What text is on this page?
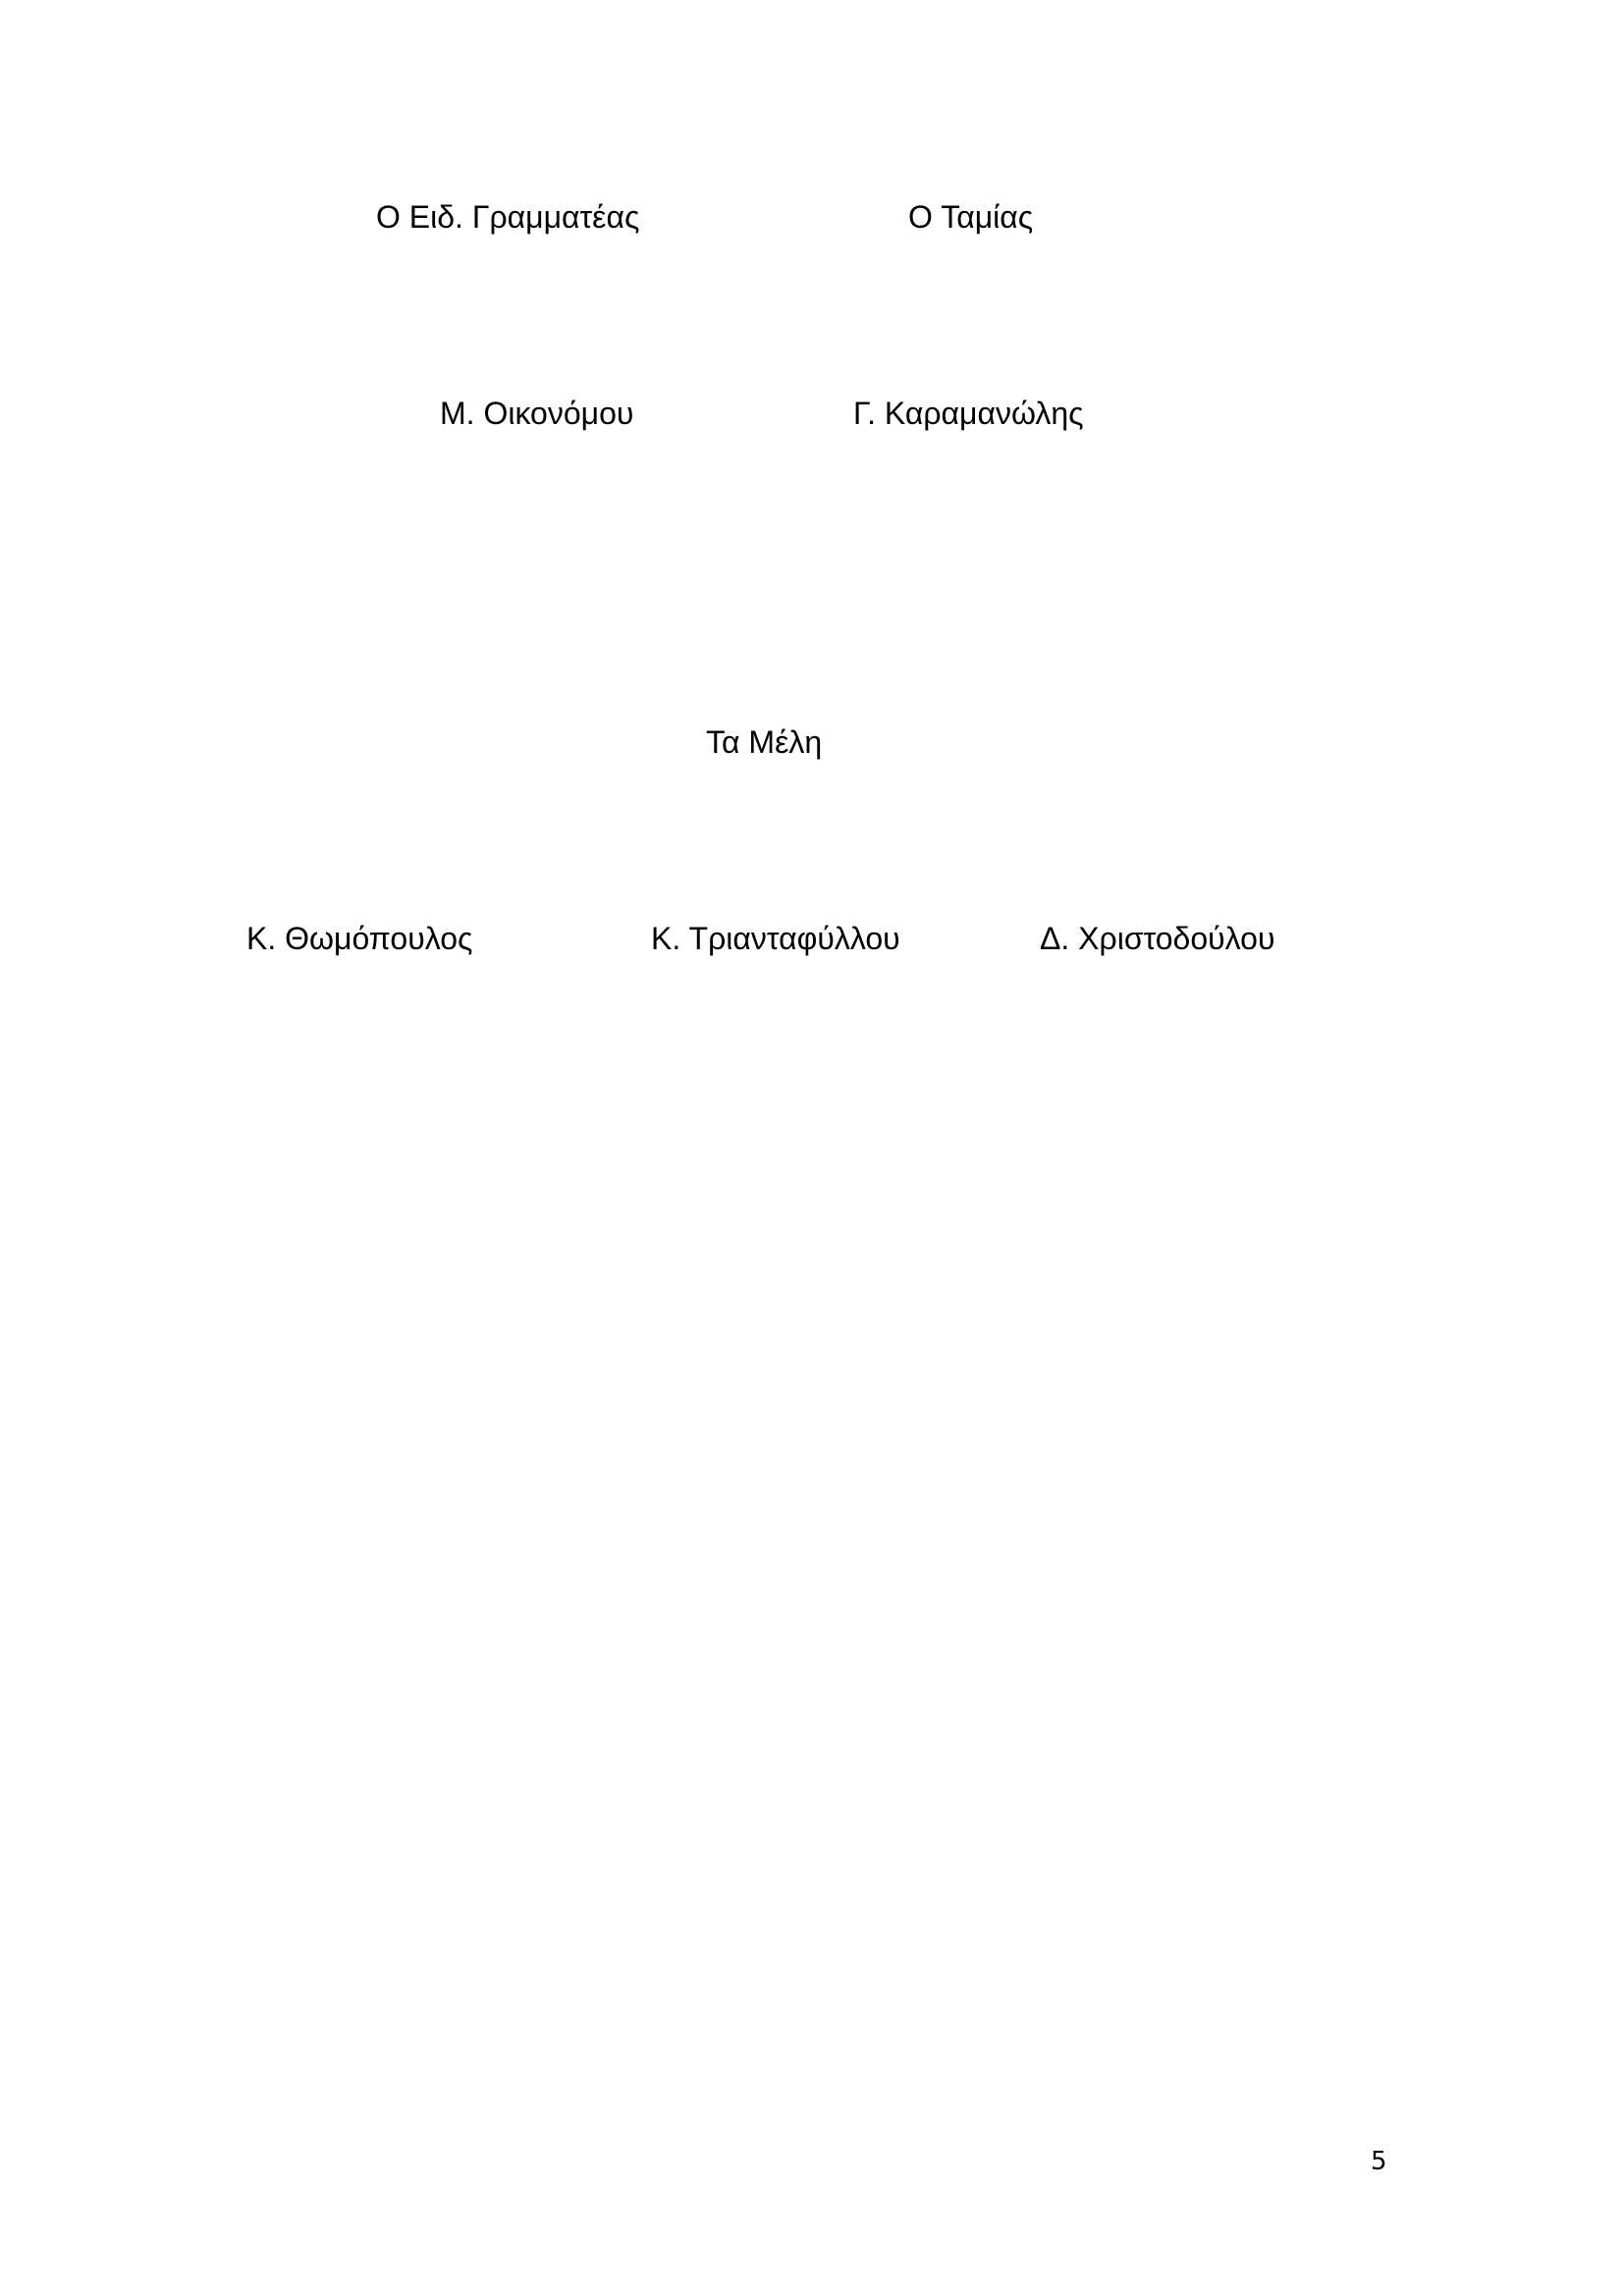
Ο Ειδ. Γραμματέας	Ο Ταμίας
Μ. Οικονόμου	Γ. Καραμανώλης
Τα Μέλη
Κ. Θωμόπουλος	Κ. Τριανταφύλλου	Δ. Χριστοδούλου
5
